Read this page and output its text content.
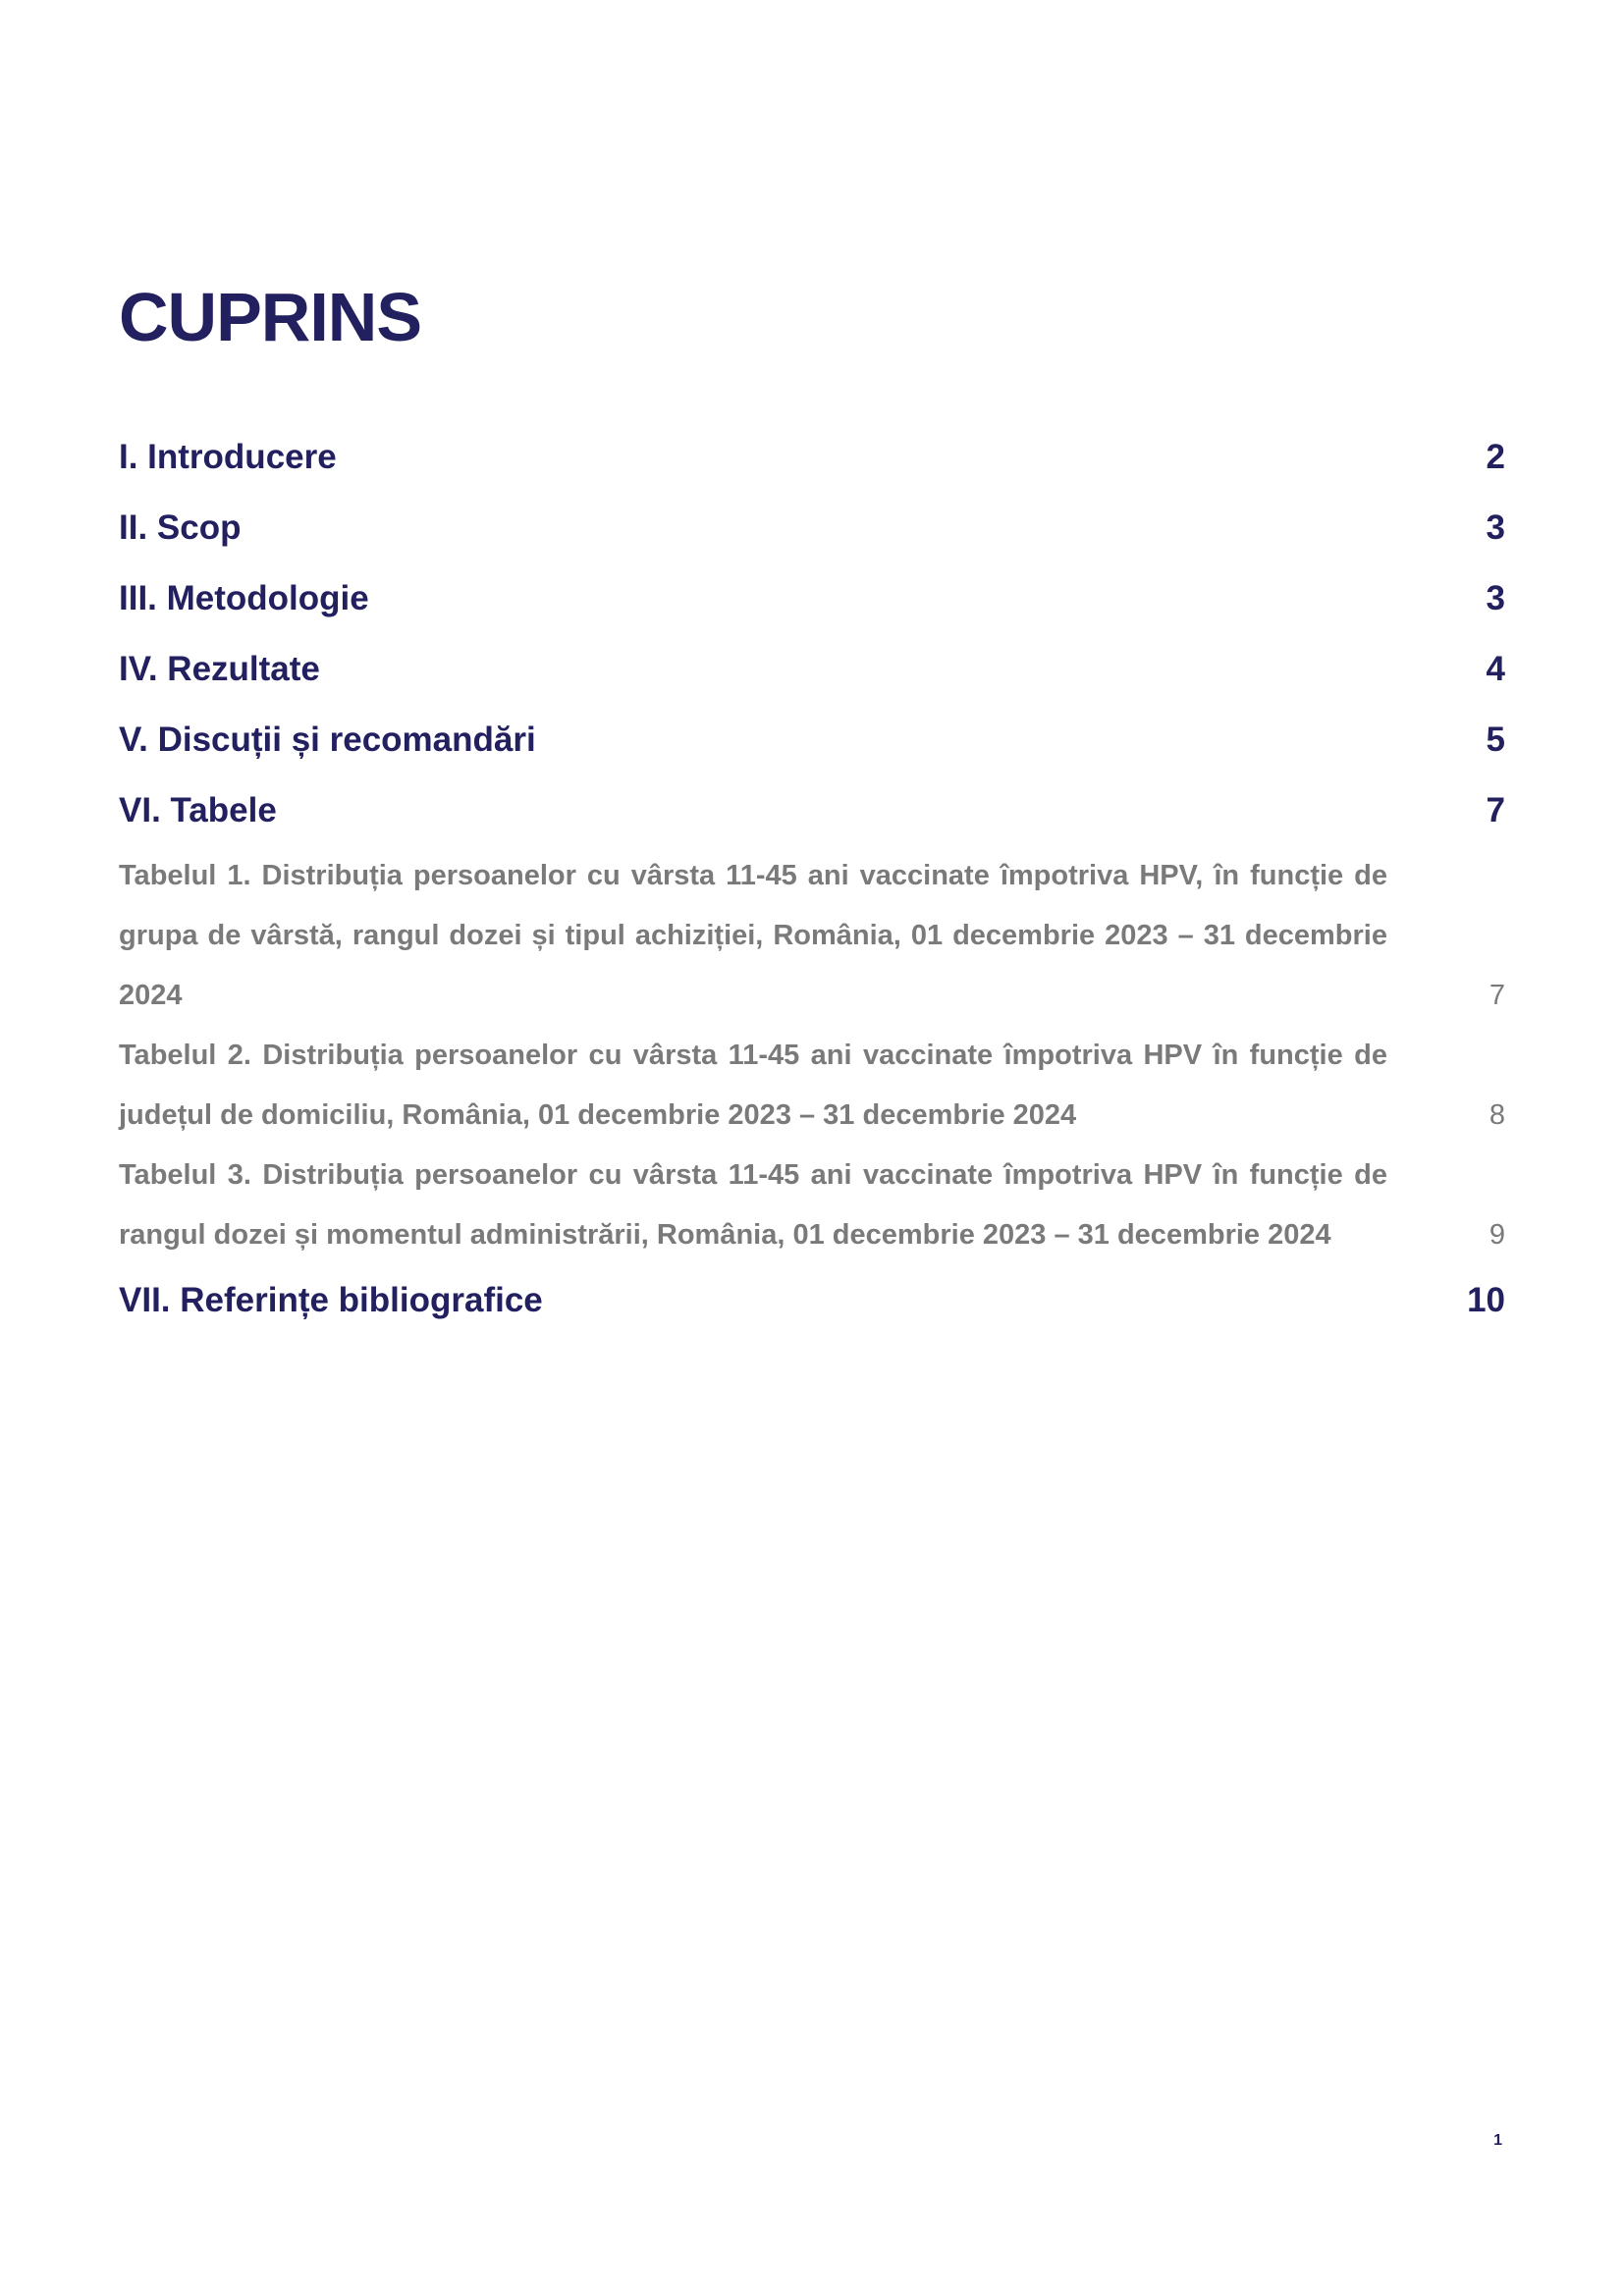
CUPRINS
I. Introducere	2
II. Scop	3
III. Metodologie	3
IV. Rezultate	4
V. Discuții și recomandări	5
VI. Tabele	7
Tabelul 1. Distribuția persoanelor cu vârsta 11-45 ani vaccinate împotriva HPV, în funcție de grupa de vârstă, rangul dozei și tipul achiziției, România, 01 decembrie 2023 – 31 decembrie 2024	7
Tabelul 2. Distribuția persoanelor cu vârsta 11-45 ani vaccinate împotriva HPV în funcție de județul de domiciliu, România, 01 decembrie 2023 – 31 decembrie 2024	8
Tabelul 3. Distribuția persoanelor cu vârsta 11-45 ani vaccinate împotriva HPV în funcție de rangul dozei și momentul administrării, România, 01 decembrie 2023 – 31 decembrie 2024	9
VII. Referințe bibliografice	10
1
